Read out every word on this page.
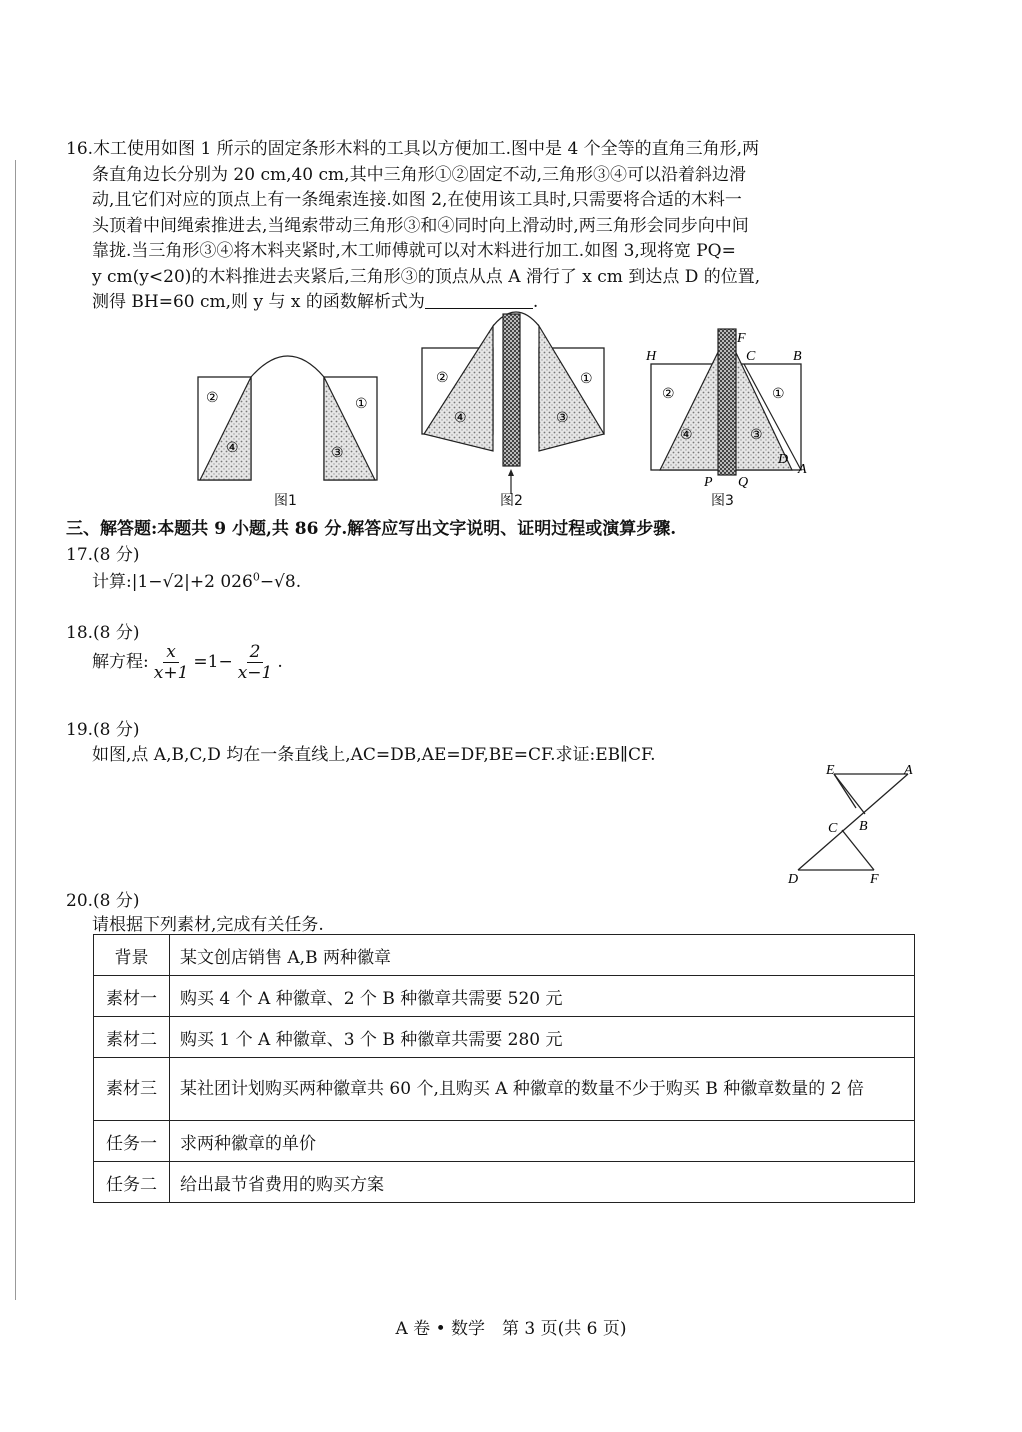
16.木工使用如图 1 所示的固定条形木料的工具以方便加工.图中是 4 个全等的直角三角形,两
条直角边长分别为 20 cm,40 cm,其中三角形①②固定不动,三角形③④可以沿着斜边滑
动,且它们对应的顶点上有一条绳索连接.如图 2,在使用该工具时,只需要将合适的木料一
头顶着中间绳索推进去,当绳索带动三角形③和④同时向上滑动时,两三角形会同步向中间
靠拢.当三角形③④将木料夹紧时,木工师傅就可以对木料进行加工.如图 3,现将宽 PQ=
y cm(y<20)的木料推进去夹紧后,三角形③的顶点从点 A 滑行了 x cm 到达点 D 的位置,
测得 BH=60 cm,则 y 与 x 的函数解析式为	.
②	①
④	③
图1
②	①
④	③
图2
H
F
C	B
D
A
P Q
②	①
④	③
图3
三、解答题:本题共 9 小题,共 86 分.解答应写出文字说明、证明过程或演算步骤.
17.(8 分)
计算:|1−√2|+2 $026^0-√8$.
18.(8 分)
解方程: $\frac{x}{x+1} =1- \frac{2}{x-1}$ .
19.(8 分)
如图,点 A,B,C,D 均在一条直线上,AC=DB,AE=DF,BE=CF.求证:EB∥CF.
E	A
C B
D	F
20.(8 分)
请根据下列素材,完成有关任务.
背景	某文创店销售 A,B 两种徽章
素材一	购买 4 个 A 种徽章、2 个 B 种徽章共需要 520 元
素材二	购买 1 个 A 种徽章、3 个 B 种徽章共需要 280 元
素材三	某社团计划购买两种徽章共 60 个,且购买 A 种徽章的数量不少于购买 B 种徽章数量的 2 倍
任务一	求两种徽章的单价
任务二	给出最节省费用的购买方案
A 卷 • 数学　第 3 页(共 6 页)
